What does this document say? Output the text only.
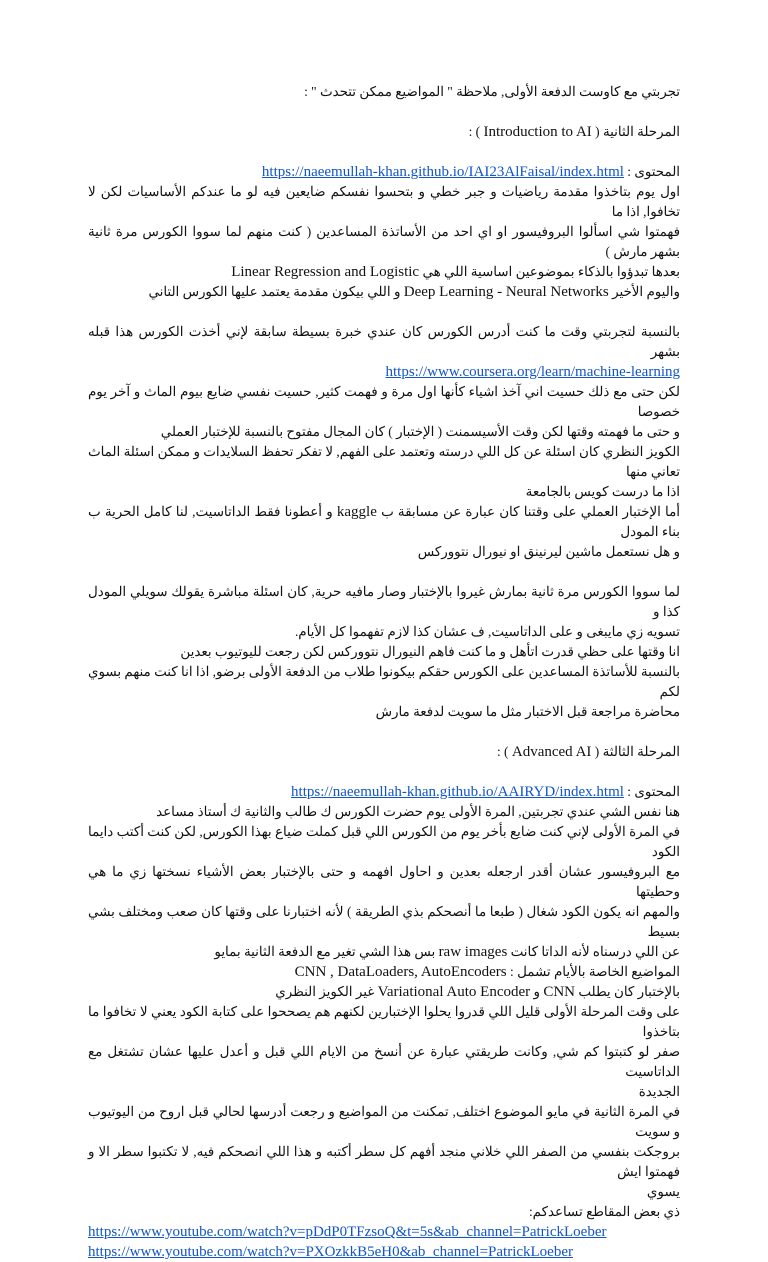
تجربتي مع كاوست الدفعة الأولى, ملاحظة " المواضيع ممكن تتحدث " :
المرحلة الثانية ( Introduction to AI ) :
المحتوى : https://naeemullah-khan.github.io/IAI23AlFaisal/index.html
اول يوم بتاخذوا مقدمة رياضيات و جبر خطي و بتحسوا نفسكم ضايعين فيه لو ما عندكم الأساسيات لكن لا تخافوا, اذا ما
فهمتوا شي اسألوا البروفيسور او اي احد من الأساتذة المساعدين ( كنت منهم لما سووا الكورس مرة ثانية بشهر مارش )
بعدها تبدؤوا بالذكاء بموضوعين اساسية اللي هي Linear Regression and Logistic
واليوم الأخير Deep Learning - Neural Networks و اللي بيكون مقدمة يعتمد عليها الكورس التاني
بالنسبة لتجربتي وقت ما كنت أدرس الكورس كان عندي خبرة بسيطة سابقة لإني أخذت الكورس هذا قبله بشهر
https://www.coursera.org/learn/machine-learning
لكن حتى مع ذلك حسيت اني آخذ اشياء كأنها اول مرة و فهمت كثير, حسيت نفسي ضايع بيوم الماث و آخر يوم خصوصا
و حتى ما فهمته وقتها لكن وقت الأسيسمنت ( الإختبار ) كان المجال مفتوح بالنسبة للإختبار العملي
الكويز النظري كان اسئلة عن كل اللي درسته وتعتمد على الفهم, لا تفكر تحفظ السلايدات و ممكن اسئلة الماث تعاني منها
اذا ما درست كويس بالجامعة
أما الإختبار العملي على وقتنا كان عبارة عن مسابقة ب kaggle و أعطونا فقط الداتاسيت, لنا كامل الحرية ب بناء المودل
و هل نستعمل ماشين ليرنينق او نيورال نتوورکس
لما سووا الكورس مرة ثانية بمارش غيروا بالإختبار وصار مافيه حرية, كان اسئلة مباشرة يقولك سويلي المودل كذا و
تسويه زي مايبغى و على الداتاسيت, ف عشان كذا لازم تفهموا كل الأيام.
انا وقتها على حظي قدرت اتأهل و ما كنت فاهم النيورال نتوورکس لكن رجعت لليوتيوب بعدين
بالنسبة للأساتذة المساعدين على الكورس حقكم بيكونوا طلاب من الدفعة الأولى برضو, اذا انا كنت منهم بسوي لكم
محاضرة مراجعة قبل الاختبار مثل ما سويت لدفعة مارش
المرحلة الثالثة ( Advanced AI ) :
المحتوى : https://naeemullah-khan.github.io/AAIRYD/index.html
هنا نفس الشي عندي تجربتين, المرة الأولى يوم حضرت الكورس ك طالب والثانية ك أستاذ مساعد
في المرة الأولى لإني كنت ضايع بأخر يوم من الكورس اللي قبل كملت ضياع بهذا الكورس, لكن كنت أكتب دايما الكود
مع البروفيسور عشان أقدر ارجعله بعدين و احاول افهمه و حتى بالإختبار بعض الأشياء نسختها زي ما هي وحطيتها
والمهم انه يكون الكود شغال ( طبعا ما أنصحكم بذي الطريقة ) لأنه اختبارنا على وقتها كان صعب ومختلف بشي بسيط
عن اللي درسناه لأنه الداتا كانت raw images بس هذا الشي تغير مع الدفعة الثانية بمايو
المواضيع الخاصة بالأيام تشمل : CNN , DataLoaders, AutoEncoders
بالإختبار كان يطلب CNN و Variational Auto Encoder غير الكويز النظري
على وقت المرحلة الأولى قليل اللي قدروا يحلوا الإختبارين لكنهم هم يصححوا على كتابة الكود يعني لا تخافوا ما بتاخذوا
صفر لو كتبتوا كم شي, وكانت طريقتي عبارة عن أنسخ من الايام اللي قبل و أعدل عليها عشان تشتغل مع الداتاسيت
الجديدة
في المرة الثانية في مايو الموضوع اختلف, تمكنت من المواضيع و رجعت أدرسها لحالي قبل اروح من اليوتيوب و سويت
بروجكت بنفسي من الصفر اللي خلاني منجد أفهم كل سطر أكتبه و هذا اللي انصحكم فيه, لا تكتبوا سطر الا و فهمتوا ايش
يسوي
ذي بعض المقاطع تساعدكم:
https://www.youtube.com/watch?v=pDdP0TFzsoQ&t=5s&ab_channel=PatrickLoeber
https://www.youtube.com/watch?v=PXOzkkB5eH0&ab_channel=PatrickLoeber
